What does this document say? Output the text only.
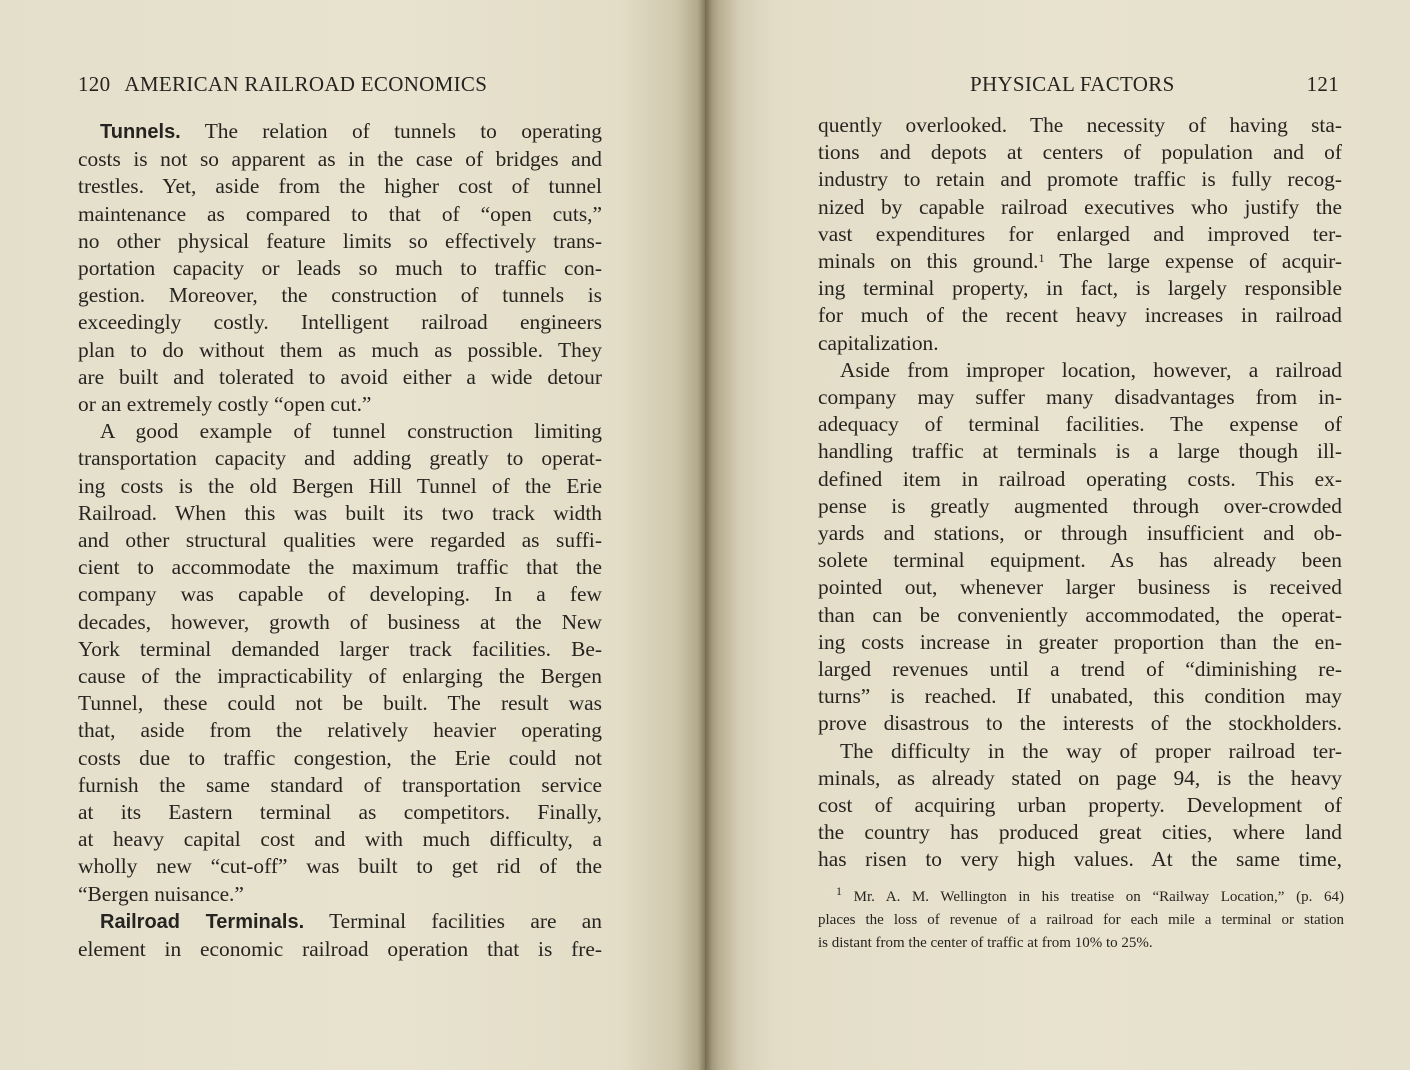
120 AMERICAN RAILROAD ECONOMICS	PHYSICAL FACTORS	121
Tunnels. The relation of tunnels to operating
costs is not so apparent as in the case of bridges and
trestles. Yet, aside from the higher cost of tunnel
maintenance as compared to that of “open cuts,”
no other physical feature limits so effectively trans-
portation capacity or leads so much to traffic con-
gestion. Moreover, the construction of tunnels is
exceedingly costly. Intelligent railroad engineers
plan to do without them as much as possible. They
are built and tolerated to avoid either a wide detour
or an extremely costly “open cut.”
A good example of tunnel construction limiting
transportation capacity and adding greatly to operat-
ing costs is the old Bergen Hill Tunnel of the Erie
Railroad. When this was built its two track width
and other structural qualities were regarded as suffi-
cient to accommodate the maximum traffic that the
company was capable of developing. In a few
decades, however, growth of business at the New
York terminal demanded larger track facilities. Be-
cause of the impracticability of enlarging the Bergen
Tunnel, these could not be built. The result was
that, aside from the relatively heavier operating
costs due to traffic congestion, the Erie could not
furnish the same standard of transportation service
at its Eastern terminal as competitors. Finally,
at heavy capital cost and with much difficulty, a
wholly new “cut-off” was built to get rid of the
“Bergen nuisance.”
Railroad Terminals. Terminal facilities are an
element in economic railroad operation that is fre-
quently overlooked. The necessity of having sta-
tions and depots at centers of population and of
industry to retain and promote traffic is fully recog-
nized by capable railroad executives who justify the
vast expenditures for enlarged and improved ter-
minals on this ground.$^1$ The large expense of acquir-
ing terminal property, in fact, is largely responsible
for much of the recent heavy increases in railroad
capitalization.
Aside from improper location, however, a railroad
company may suffer many disadvantages from in-
adequacy of terminal facilities. The expense of
handling traffic at terminals is a large though ill-
defined item in railroad operating costs. This ex-
pense is greatly augmented through over-crowded
yards and stations, or through insufficient and ob-
solete terminal equipment. As has already been
pointed out, whenever larger business is received
than can be conveniently accommodated, the operat-
ing costs increase in greater proportion than the en-
larged revenues until a trend of “diminishing re-
turns” is reached. If unabated, this condition may
prove disastrous to the interests of the stockholders.
The difficulty in the way of proper railroad ter-
minals, as already stated on page 94, is the heavy
cost of acquiring urban property. Development of
the country has produced great cities, where land
has risen to very high values. At the same time,
$^1$ Mr. A. M. Wellington in his treatise on “Railway Location,” (p. 64)
places the loss of revenue of a railroad for each mile a terminal or station
is distant from the center of traffic at from 10% to 25%.
